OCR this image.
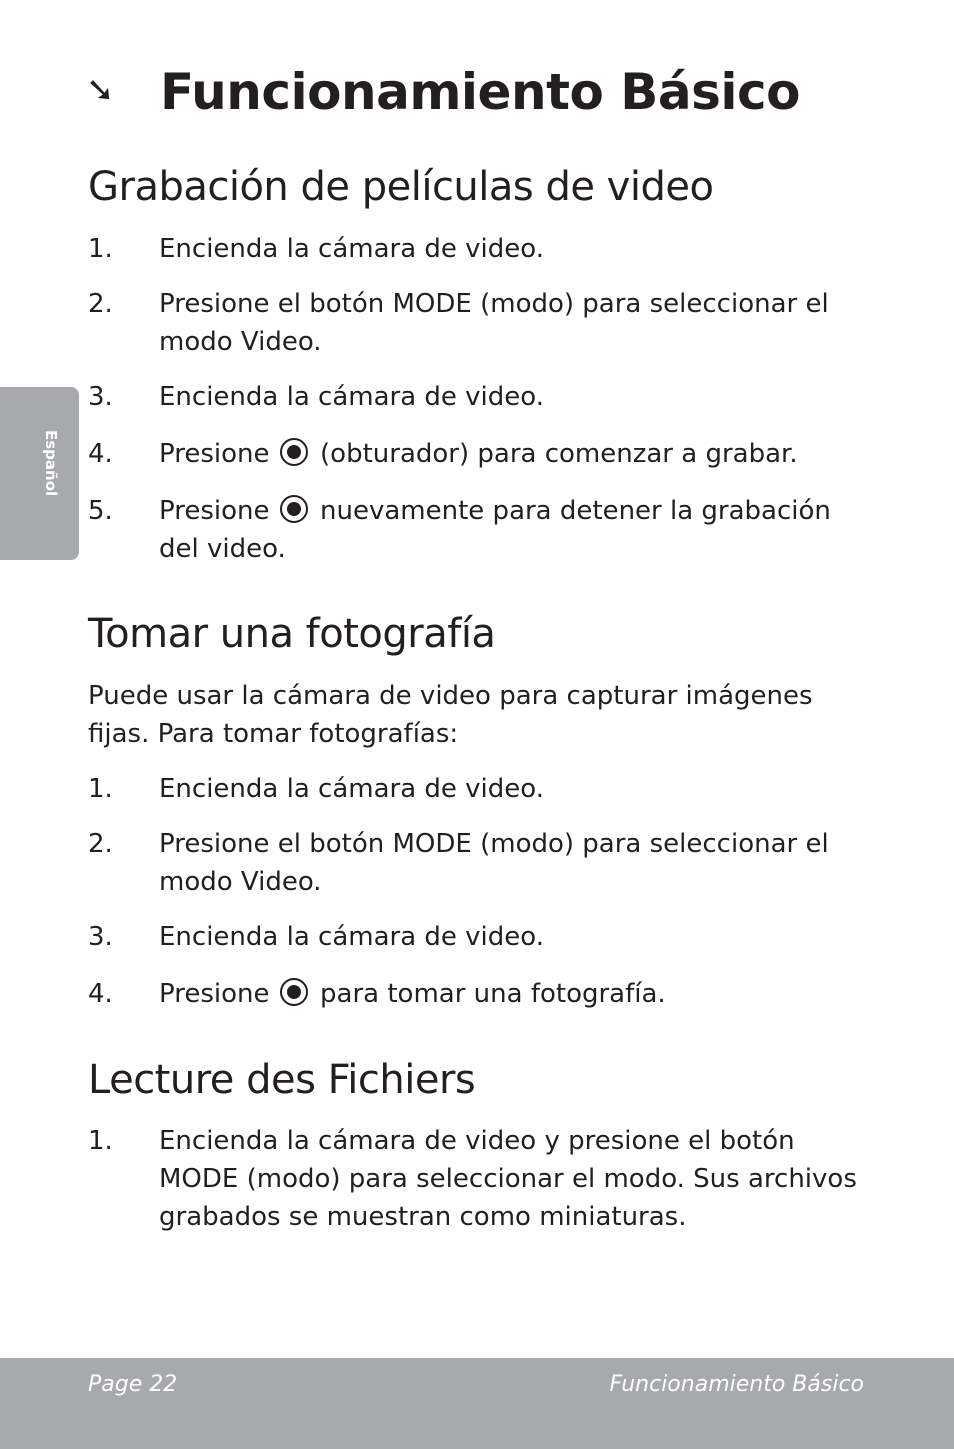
➘ Funcionamiento Básico
Español
Grabación de películas de video
1. Encienda la cámara de video.
2. Presione el botón MODE (modo) para seleccionar el modo Video.
3. Encienda la cámara de video.
4. Presione (obturador) para comenzar a grabar.
5. Presione nuevamente para detener la grabación del video.
Tomar una fotografía

Puede usar la cámara de video para capturar imágenes fijas. Para tomar fotografías:

1. Encienda la cámara de video.
2. Presione el botón MODE (modo) para seleccionar el modo Video.
3. Encienda la cámara de video.
4. Presione para tomar una fotografía.
Lecture des Fichiers
1. Encienda la cámara de video y presione el botón MODE (modo) para seleccionar el modo. Sus archivos grabados se muestran como miniaturas.
Page 22	Funcionamiento Básico
